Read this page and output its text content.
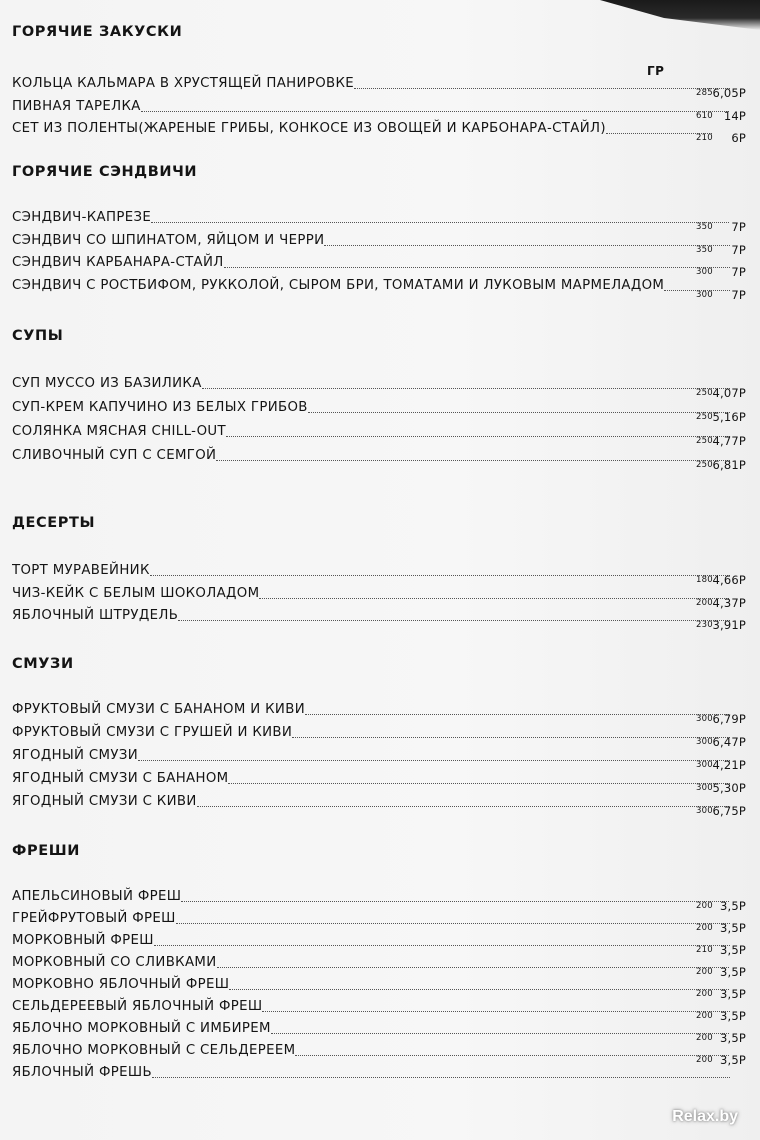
ГОРЯЧИЕ ЗАКУСКИ
КОЛЬЦА КАЛЬМАРА В ХРУСТЯЩЕЙ ПАНИРОВКЕ
285 6,05Р
ПИВНАЯ ТАРЕЛКА
610 14Р
СЕТ ИЗ ПОЛЕНТЫ(ЖАРЕНЫЕ ГРИБЫ, КОНКОСЕ ИЗ ОВОЩЕЙ И КАРБОНАРА-СТАЙЛ)
210 6Р
ГОРЯЧИЕ СЭНДВИЧИ
СЭНДВИЧ-КАПРЕЗЕ
350 7Р
СЭНДВИЧ СО ШПИНАТОМ, ЯЙЦОМ И ЧЕРРИ
350 7Р
СЭНДВИЧ КАРБАНАРА-СТАЙЛ
300 7Р
СЭНДВИЧ С РОСТБИФОМ, РУККОЛОЙ, СЫРОМ БРИ, ТОМАТАМИ И ЛУКОВЫМ МАРМЕЛАДОМ
300 7Р
СУПЫ
СУП МУССО ИЗ БАЗИЛИКА
250 4,07Р
СУП-КРЕМ КАПУЧИНО ИЗ БЕЛЫХ ГРИБОВ
250 5,16Р
СОЛЯНКА МЯСНАЯ CHILL-OUT
250 4,77Р
СЛИВОЧНЫЙ СУП С СЕМГОЙ
250 6,81Р
ДЕСЕРТЫ
ТОРТ МУРАВЕЙНИК
180 4,66Р
ЧИЗ-КЕЙК С БЕЛЫМ ШОКОЛАДОМ
200 4,37Р
ЯБЛОЧНЫЙ ШТРУДЕЛЬ
230 3,91Р
СМУЗИ
ФРУКТОВЫЙ СМУЗИ С БАНАНОМ И КИВИ
300 6,79Р
ФРУКТОВЫЙ СМУЗИ С ГРУШЕЙ И КИВИ
300 6,47Р
ЯГОДНЫЙ СМУЗИ
300 4,21Р
ЯГОДНЫЙ СМУЗИ С БАНАНОМ
300 5,30Р
ЯГОДНЫЙ СМУЗИ С КИВИ
300 6,75Р
ФРЕШИ
АПЕЛЬСИНОВЫЙ ФРЕШ
200 3,5Р
ГРЕЙФРУТОВЫЙ ФРЕШ
200 3,5Р
МОРКОВНЫЙ ФРЕШ
210 3,5Р
МОРКОВНЫЙ СО СЛИВКАМИ
200 3,5Р
МОРКОВНО ЯБЛОЧНЫЙ ФРЕШ
200 3,5Р
СЕЛЬДЕРЕЕВЫЙ ЯБЛОЧНЫЙ ФРЕШ
200 3,5Р
ЯБЛОЧНО МОРКОВНЫЙ С ИМБИРЕМ
200 3,5Р
ЯБЛОЧНО МОРКОВНЫЙ С СЕЛЬДЕРЕЕМ
200 3,5Р
ЯБЛОЧНЫЙ ФРЕШЬ
ГР
Relax.by
